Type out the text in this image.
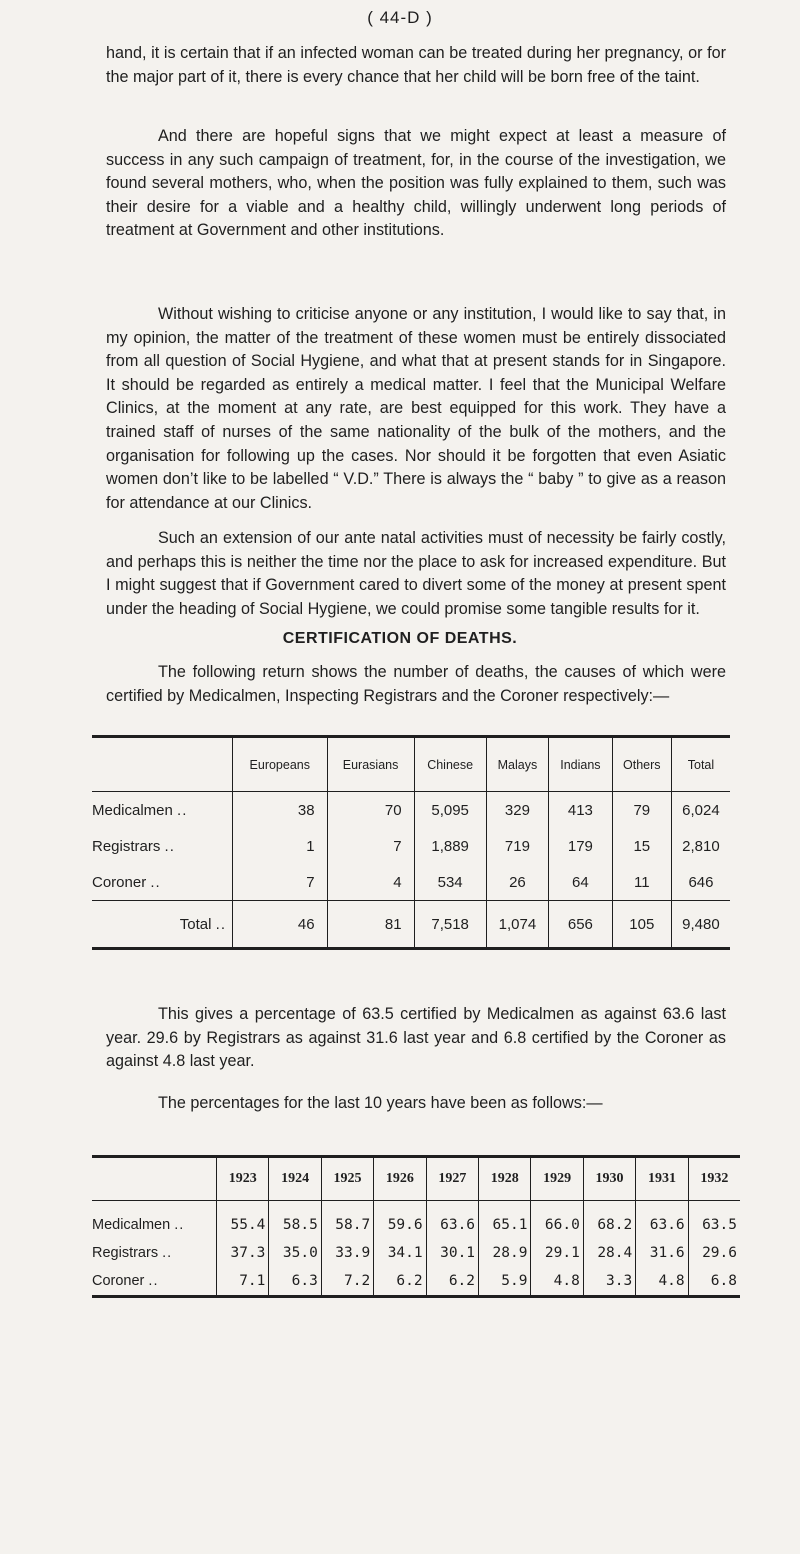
( 44-D )

hand, it is certain that if an infected woman can be treated during her pregnancy, or for the major part of it, there is every chance that her child will be born free of the taint.

And there are hopeful signs that we might expect at least a measure of success in any such campaign of treatment, for, in the course of the investigation, we found several mothers, who, when the position was fully explained to them, such was their desire for a viable and a healthy child, willingly underwent long periods of treatment at Government and other institutions.

Without wishing to criticise anyone or any institution, I would like to say that, in my opinion, the matter of the treatment of these women must be entirely dissociated from all question of Social Hygiene, and what that at present stands for in Singapore. It should be regarded as entirely a medical matter. I feel that the Municipal Welfare Clinics, at the moment at any rate, are best equipped for this work. They have a trained staff of nurses of the same nationality of the bulk of the mothers, and the organisation for following up the cases. Nor should it be forgotten that even Asiatic women don’t like to be labelled “ V.D.” There is always the “ baby ” to give as a reason for attendance at our Clinics.

Such an extension of our ante natal activities must of necessity be fairly costly, and perhaps this is neither the time nor the place to ask for increased expenditure. But I might suggest that if Government cared to divert some of the money at present spent under the heading of Social Hygiene, we could promise some tangible results for it.

CERTIFICATION OF DEATHS.

The following return shows the number of deaths, the causes of which were certified by Medicalmen, Inspecting Registrars and the Coroner respectively:—

	Europeans	Eurasians	Chinese	Malays	Indians	Others	Total
Medicalmen ..	38	70	5,095	329	413	79	6,024
Registrars ..	1	7	1,889	719	179	15	2,810
Coroner ..	7	4	534	26	64	11	646
Total ..	46	81	7,518	1,074	656	105	9,480

This gives a percentage of 63.5 certified by Medicalmen as against 63.6 last year. 29.6 by Registrars as against 31.6 last year and 6.8 certified by the Coroner as against 4.8 last year.

The percentages for the last 10 years have been as follows:—

	1923	1924	1925	1926	1927	1928	1929	1930	1931	1932
Medicalmen ..	55.4	58.5	58.7	59.6	63.6	65.1	66.0	68.2	63.6	63.5
Registrars ..	37.3	35.0	33.9	34.1	30.1	28.9	29.1	28.4	31.6	29.6
Coroner ..	7.1	6.3	7.2	6.2	6.2	5.9	4.8	3.3	4.8	6.8
